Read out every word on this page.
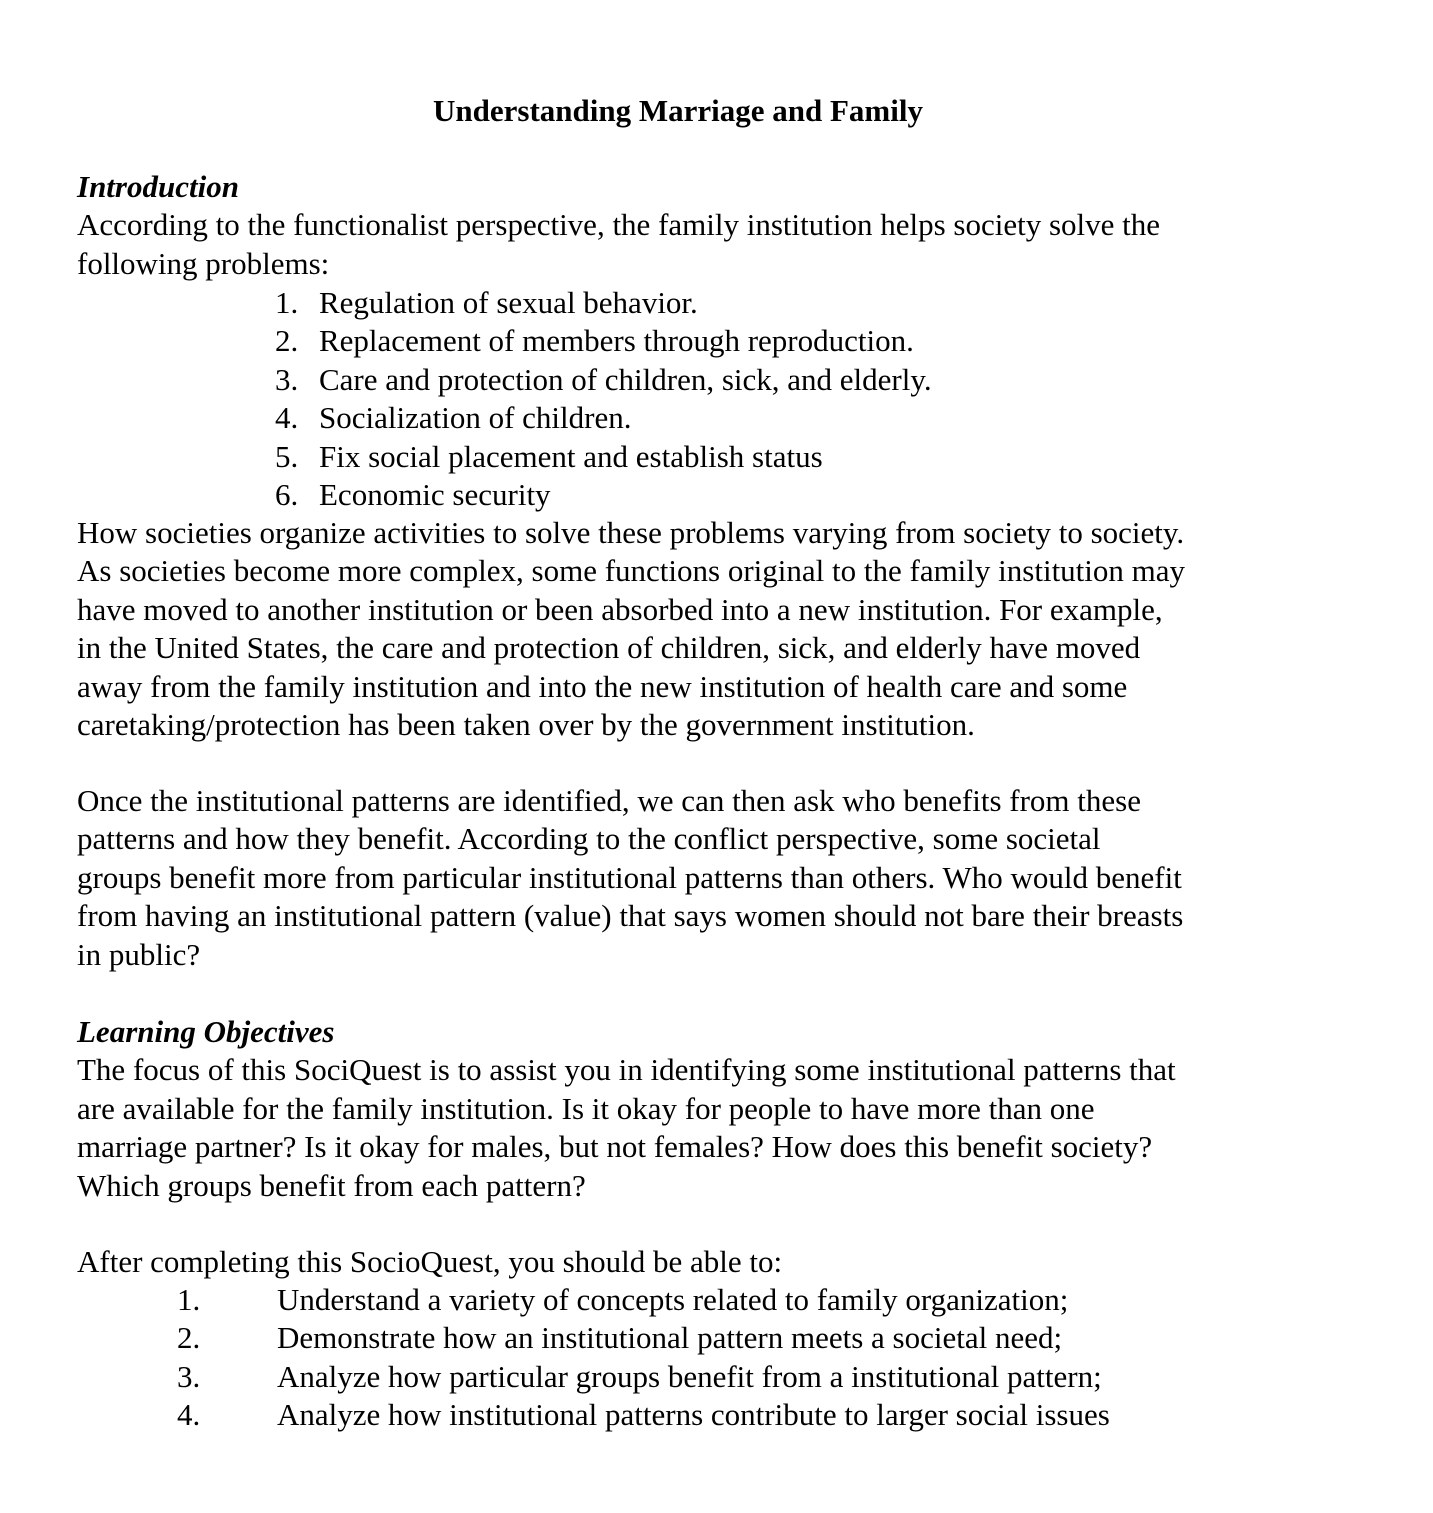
Understanding Marriage and Family
Introduction

According to the functionalist perspective, the family institution helps society solve the
following problems:

1. Regulation of sexual behavior.
2. Replacement of members through reproduction.
3. Care and protection of children, sick, and elderly.
4. Socialization of children.
5. Fix social placement and establish status
6. Economic security

How societies organize activities to solve these problems varying from society to society.
As societies become more complex, some functions original to the family institution may
have moved to another institution or been absorbed into a new institution. For example,
in the United States, the care and protection of children, sick, and elderly have moved
away from the family institution and into the new institution of health care and some
caretaking/protection has been taken over by the government institution.

Once the institutional patterns are identified, we can then ask who benefits from these
patterns and how they benefit. According to the conflict perspective, some societal
groups benefit more from particular institutional patterns than others. Who would benefit
from having an institutional pattern (value) that says women should not bare their breasts
in public?

Learning Objectives

The focus of this SociQuest is to assist you in identifying some institutional patterns that
are available for the family institution. Is it okay for people to have more than one
marriage partner? Is it okay for males, but not females? How does this benefit society?
Which groups benefit from each pattern?

After completing this SocioQuest, you should be able to:

1. Understand a variety of concepts related to family organization;
2. Demonstrate how an institutional pattern meets a societal need;
3. Analyze how particular groups benefit from a institutional pattern;
4. Analyze how institutional patterns contribute to larger social issues
